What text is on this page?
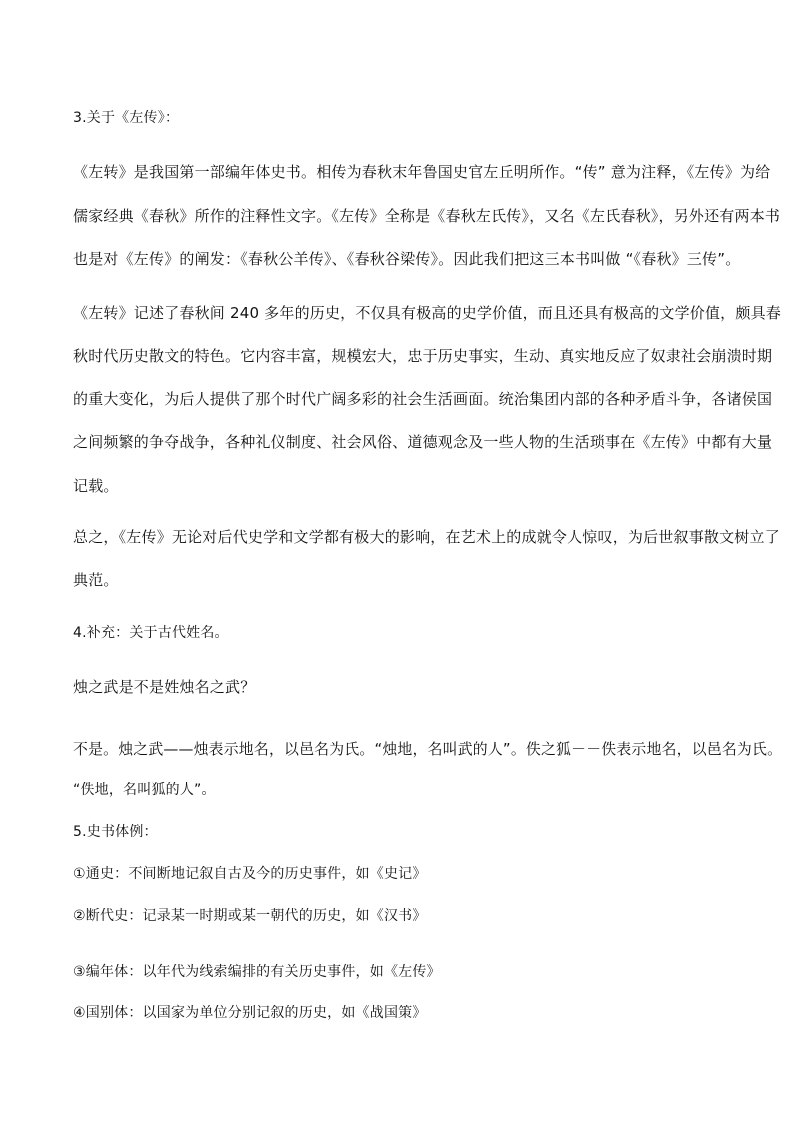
3.关于《左传》：
《左转》是我国第一部编年体史书。相传为春秋末年鲁国史官左丘明所作。“传” 意为注释，《左传》为给
儒家经典《春秋》所作的注释性文字。《左传》全称是《春秋左氏传》，又名《左氏春秋》，另外还有两本书
也是对《左传》的阐发：《春秋公羊传》、《春秋谷梁传》。因此我们把这三本书叫做 “《春秋》三传”。
《左转》记述了春秋间 240 多年的历史，不仅具有极高的史学价值，而且还具有极高的文学价值，颇具春
秋时代历史散文的特色。它内容丰富，规模宏大，忠于历史事实，生动、真实地反应了奴隶社会崩溃时期
的重大变化，为后人提供了那个时代广阔多彩的社会生活画面。统治集团内部的各种矛盾斗争，各诸侯国
之间频繁的争夺战争，各种礼仪制度、社会风俗、道德观念及一些人物的生活琐事在《左传》中都有大量
记载。
总之，《左传》无论对后代史学和文学都有极大的影响，在艺术上的成就令人惊叹，为后世叙事散文树立了
典范。
4.补充：关于古代姓名。
烛之武是不是姓烛名之武？
不是。烛之武——烛表示地名，以邑名为氏。“烛地，名叫武的人”。佚之狐－－佚表示地名，以邑名为氏。
“佚地，名叫狐的人”。
5.史书体例：
①通史：不间断地记叙自古及今的历史事件，如《史记》
②断代史：记录某一时期或某一朝代的历史，如《汉书》
③编年体：以年代为线索编排的有关历史事件，如《左传》
④国别体：以国家为单位分别记叙的历史，如《战国策》
